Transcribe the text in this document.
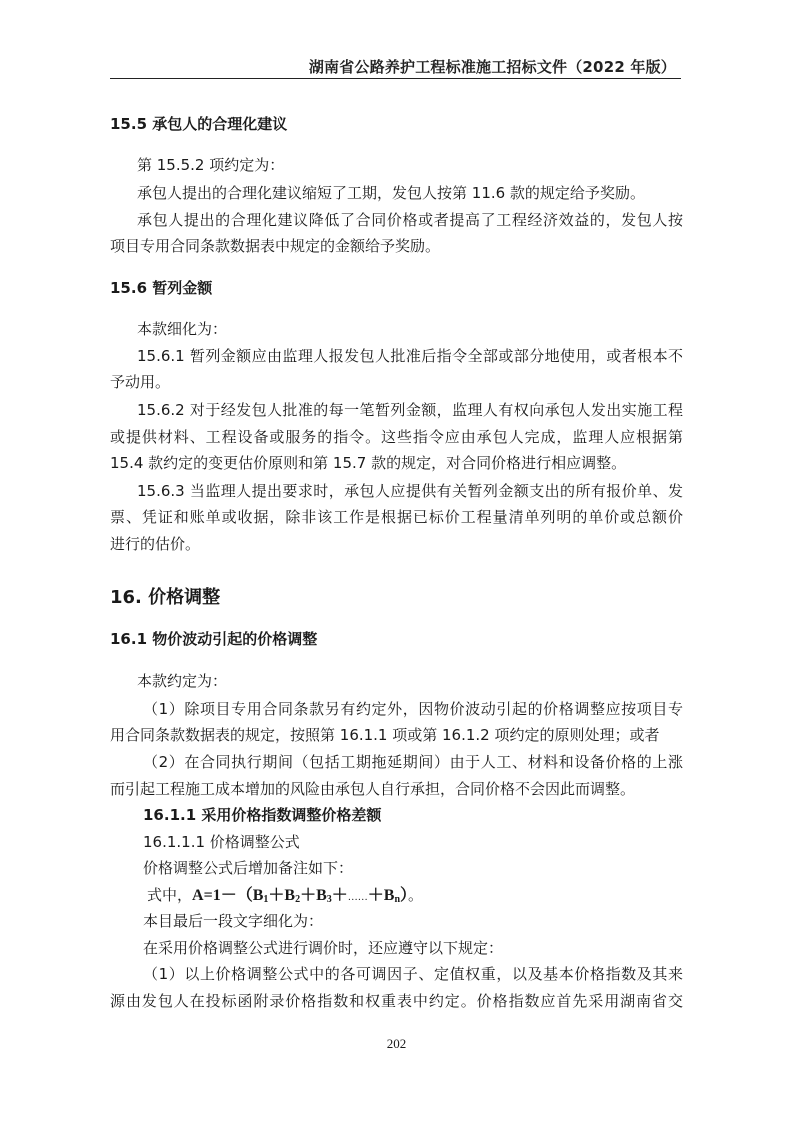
湖南省公路养护工程标准施工招标文件（2022 年版）
15.5 承包人的合理化建议
第 15.5.2 项约定为：
承包人提出的合理化建议缩短了工期，发包人按第 11.6 款的规定给予奖励。
承包人提出的合理化建议降低了合同价格或者提高了工程经济效益的，发包人按
项目专用合同条款数据表中规定的金额给予奖励。
15.6 暂列金额
本款细化为：
15.6.1 暂列金额应由监理人报发包人批准后指令全部或部分地使用，或者根本不
予动用。
15.6.2 对于经发包人批准的每一笔暂列金额，监理人有权向承包人发出实施工程
或提供材料、工程设备或服务的指令。这些指令应由承包人完成，监理人应根据第
15.4 款约定的变更估价原则和第 15.7 款的规定，对合同价格进行相应调整。
15.6.3 当监理人提出要求时，承包人应提供有关暂列金额支出的所有报价单、发
票、凭证和账单或收据，除非该工作是根据已标价工程量清单列明的单价或总额价
进行的估价。
16. 价格调整
16.1 物价波动引起的价格调整
本款约定为：
（1）除项目专用合同条款另有约定外，因物价波动引起的价格调整应按项目专
用合同条款数据表的规定，按照第 16.1.1 项或第 16.1.2 项约定的原则处理；或者
（2）在合同执行期间（包括工期拖延期间）由于人工、材料和设备价格的上涨
而引起工程施工成本增加的风险由承包人自行承担，合同价格不会因此而调整。
16.1.1 采用价格指数调整价格差额
16.1.1.1 价格调整公式
价格调整公式后增加备注如下：
式中，$A=1-(B_1+B_2+B_3+\dots\dots+B_n)$。
本目最后一段文字细化为：
在采用价格调整公式进行调价时，还应遵守以下规定：
（1）以上价格调整公式中的各可调因子、定值权重，以及基本价格指数及其来
源由发包人在投标函附录价格指数和权重表中约定。价格指数应首先采用湖南省交
202
